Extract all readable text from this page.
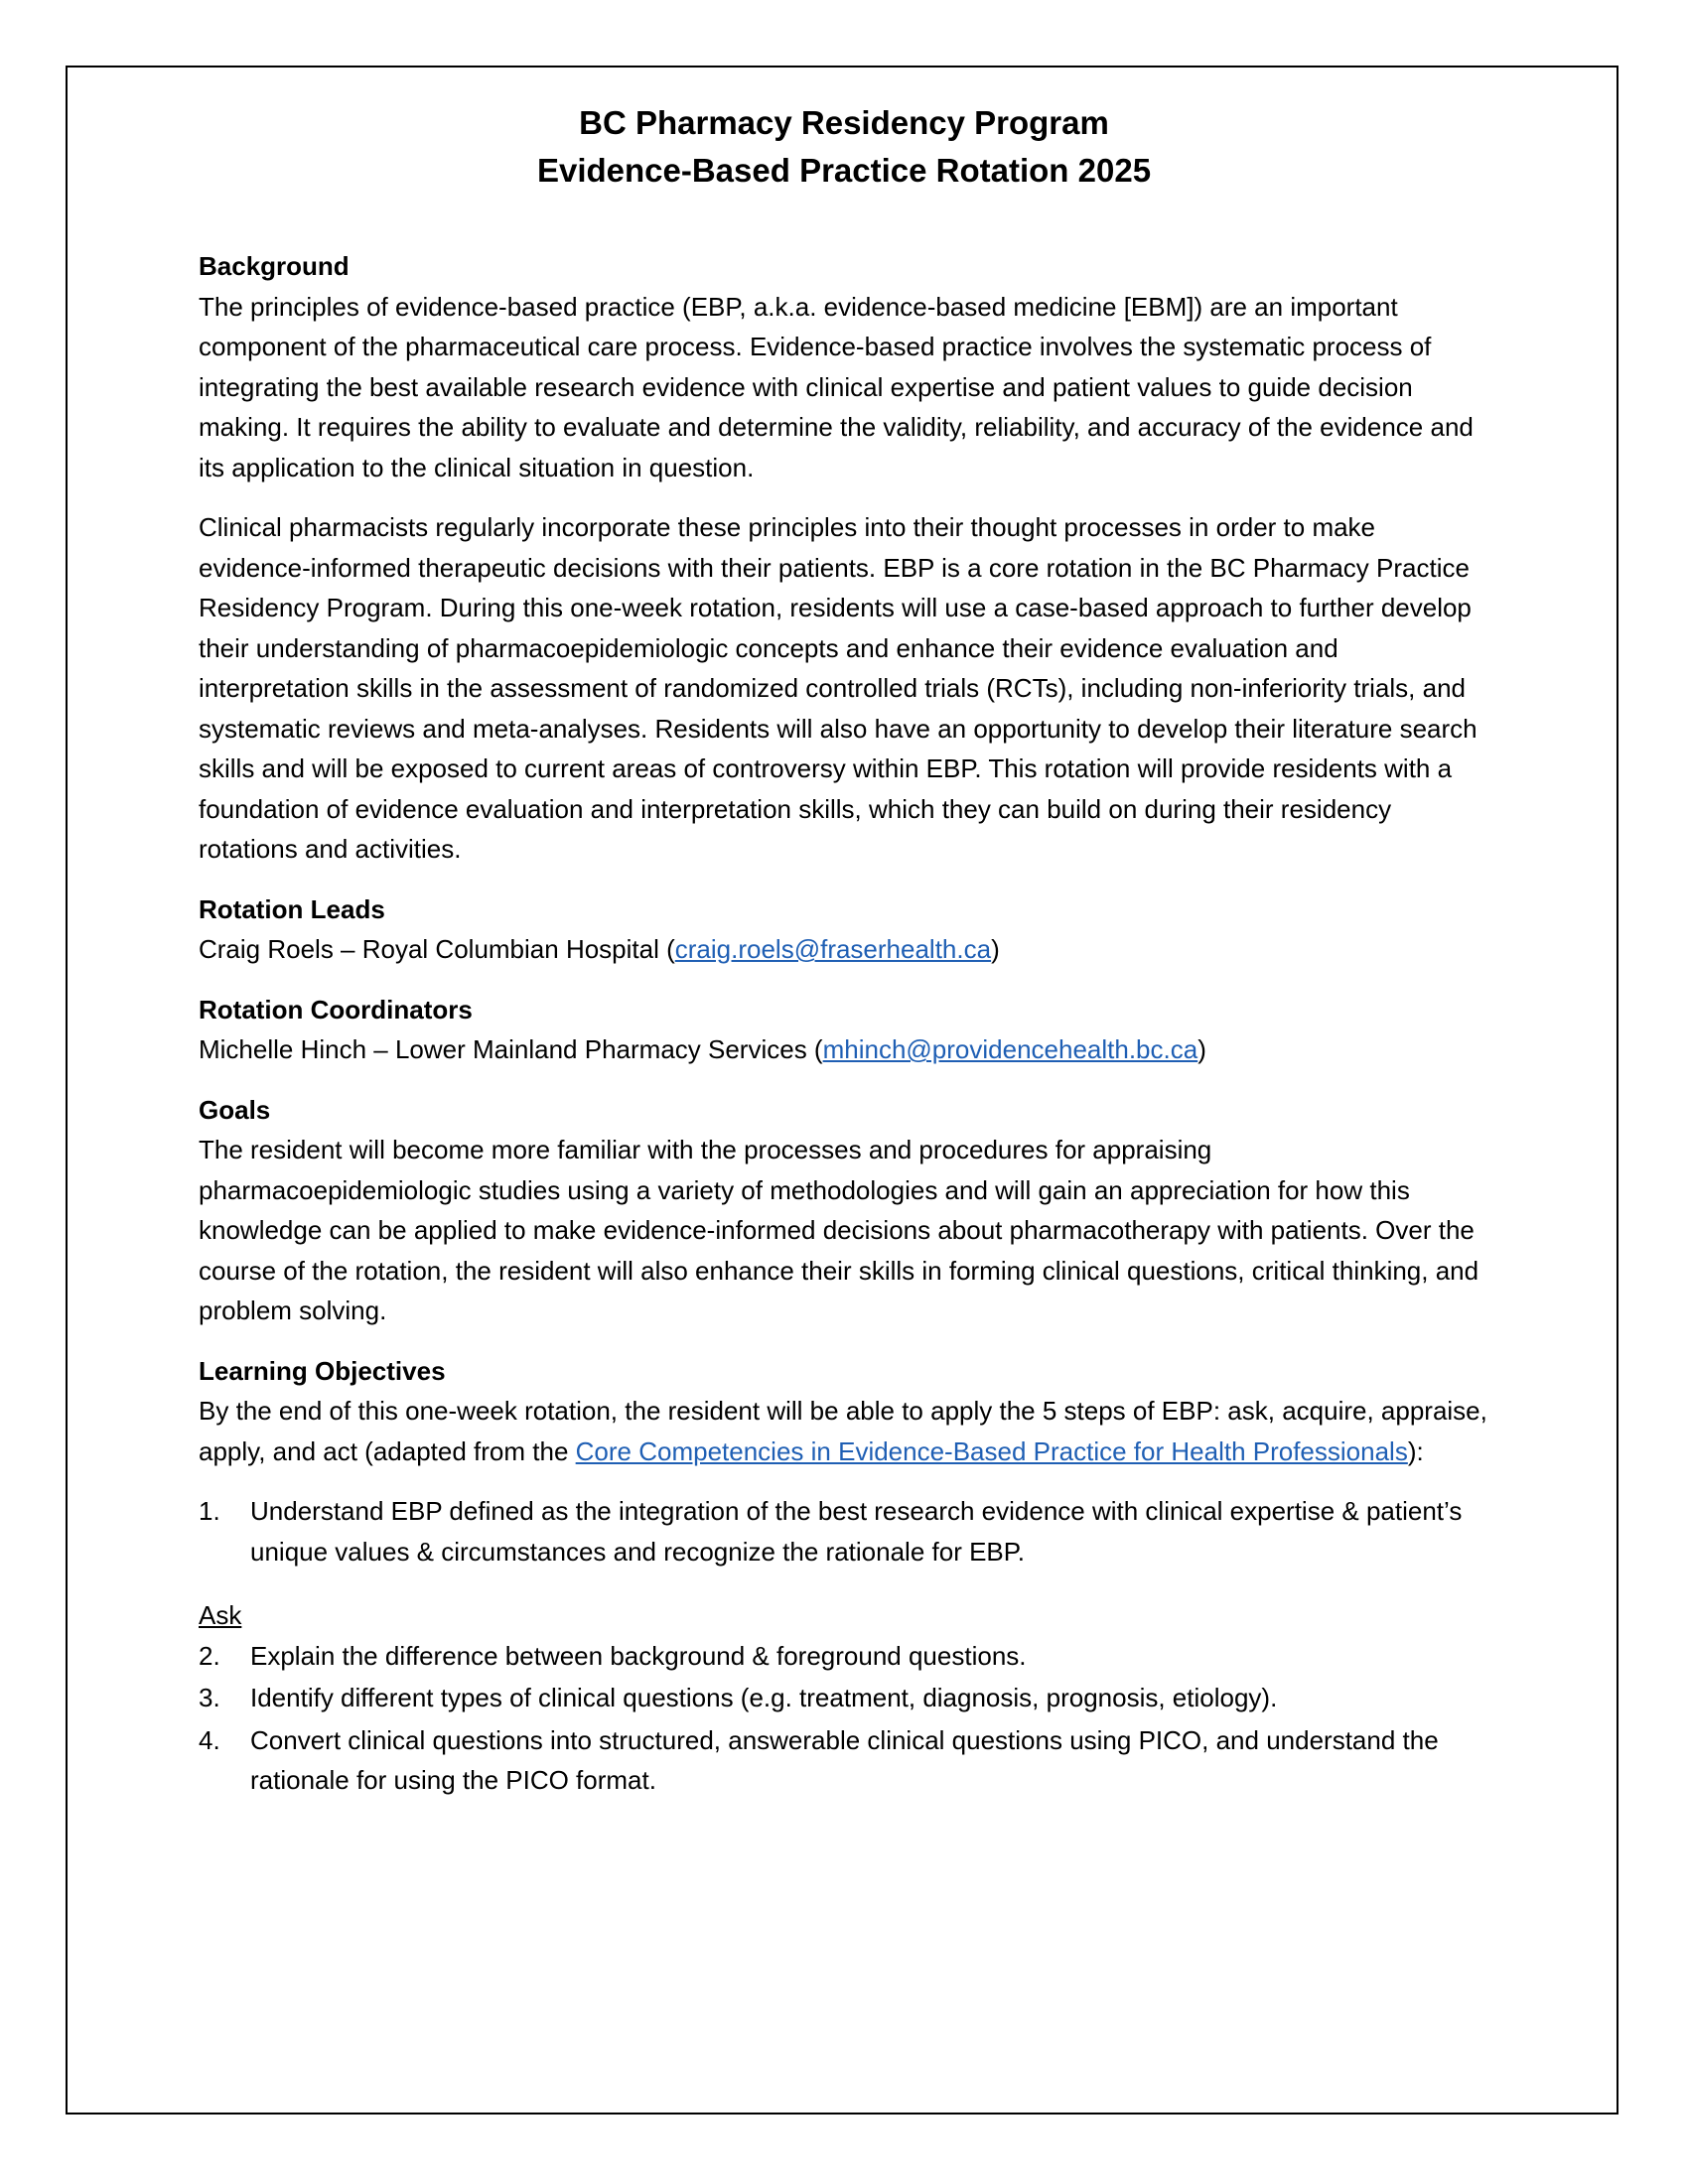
BC Pharmacy Residency Program
Evidence-Based Practice Rotation 2025

Background

The principles of evidence-based practice (EBP, a.k.a. evidence-based medicine [EBM]) are an important component of the pharmaceutical care process. Evidence-based practice involves the systematic process of integrating the best available research evidence with clinical expertise and patient values to guide decision making. It requires the ability to evaluate and determine the validity, reliability, and accuracy of the evidence and its application to the clinical situation in question.

Clinical pharmacists regularly incorporate these principles into their thought processes in order to make evidence-informed therapeutic decisions with their patients. EBP is a core rotation in the BC Pharmacy Practice Residency Program. During this one-week rotation, residents will use a case-based approach to further develop their understanding of pharmacoepidemiologic concepts and enhance their evidence evaluation and interpretation skills in the assessment of randomized controlled trials (RCTs), including non-inferiority trials, and systematic reviews and meta-analyses. Residents will also have an opportunity to develop their literature search skills and will be exposed to current areas of controversy within EBP. This rotation will provide residents with a foundation of evidence evaluation and interpretation skills, which they can build on during their residency rotations and activities.

Rotation Leads

Craig Roels – Royal Columbian Hospital (craig.roels@fraserhealth.ca)

Rotation Coordinators

Michelle Hinch – Lower Mainland Pharmacy Services (mhinch@providencehealth.bc.ca)

Goals

The resident will become more familiar with the processes and procedures for appraising pharmacoepidemiologic studies using a variety of methodologies and will gain an appreciation for how this knowledge can be applied to make evidence-informed decisions about pharmacotherapy with patients. Over the course of the rotation, the resident will also enhance their skills in forming clinical questions, critical thinking, and problem solving.

Learning Objectives

By the end of this one-week rotation, the resident will be able to apply the 5 steps of EBP: ask, acquire, appraise, apply, and act (adapted from the Core Competencies in Evidence-Based Practice for Health Professionals):

1.	Understand EBP defined as the integration of the best research evidence with clinical expertise & patient’s unique values & circumstances and recognize the rationale for EBP.

Ask

2.	Explain the difference between background & foreground questions.
3.	Identify different types of clinical questions (e.g. treatment, diagnosis, prognosis, etiology).
4.	Convert clinical questions into structured, answerable clinical questions using PICO, and understand the rationale for using the PICO format.
